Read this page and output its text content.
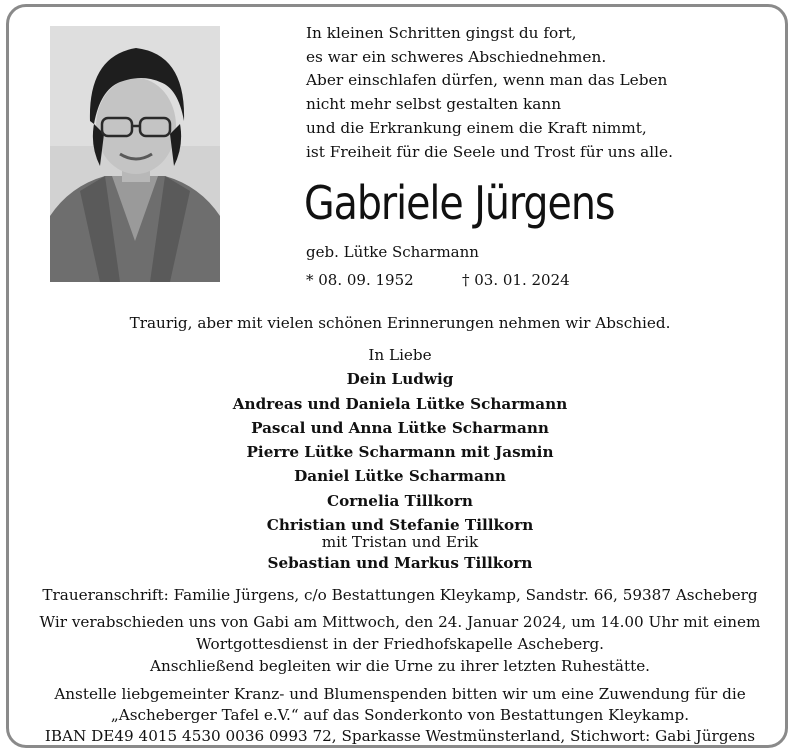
In kleinen Schritten gingst du fort,
es war ein schweres Abschiednehmen.
Aber einschlafen dürfen, wenn man das Leben
nicht mehr selbst gestalten kann
und die Erkrankung einem die Kraft nimmt,
ist Freiheit für die Seele und Trost für uns alle.
Gabriele Jürgens
geb. Lütke Scharmann
* 08. 09. 1952	† 03. 01. 2024
Traurig, aber mit vielen schönen Erinnerungen nehmen wir Abschied.
In Liebe
Dein Ludwig
Andreas und Daniela Lütke Scharmann
Pascal und Anna Lütke Scharmann
Pierre Lütke Scharmann mit Jasmin
Daniel Lütke Scharmann
Cornelia Tillkorn
Christian und Stefanie Tillkorn
mit Tristan und Erik
Sebastian und Markus Tillkorn
Traueranschrift: Familie Jürgens, c/o Bestattungen Kleykamp, Sandstr. 66, 59387 Ascheberg
Wir verabschieden uns von Gabi am Mittwoch, den 24. Januar 2024, um 14.00 Uhr mit einem
Wortgottesdienst in der Friedhofskapelle Ascheberg.
Anschließend begleiten wir die Urne zu ihrer letzten Ruhestätte.
Anstelle liebgemeinter Kranz- und Blumenspenden bitten wir um eine Zuwendung für die
„Ascheberger Tafel e.V.“ auf das Sonderkonto von Bestattungen Kleykamp.
IBAN DE49 4015 4530 0036 0993 72, Sparkasse Westmünsterland, Stichwort: Gabi Jürgens
